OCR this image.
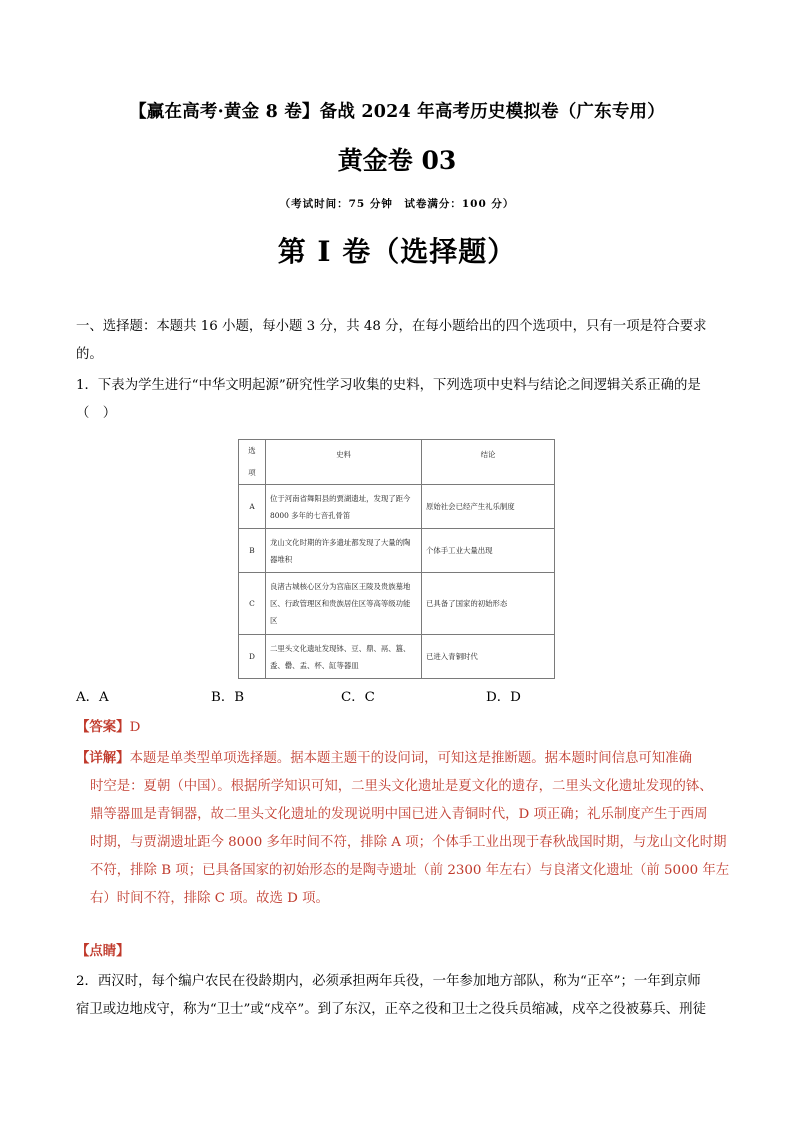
【赢在高考·黄金 8 卷】备战 2024 年高考历史模拟卷（广东专用）
黄金卷 03
（考试时间：75 分钟　试卷满分：100 分）
第 I 卷（选择题）
一、选择题：本题共 16 小题，每小题 3 分，共 48 分，在每小题给出的四个选项中，只有一项是符合要求
的。
1．下表为学生进行“中华文明起源”研究性学习收集的史料，下列选项中史料与结论之间逻辑关系正确的是
（　）
选
项	史料	结论
A	位于河南省舞阳县的贾湖遗址，发现了距今 8000 多年的七音孔骨笛	原始社会已经产生礼乐制度
B	龙山文化时期的许多遗址都发现了大量的陶器堆积	个体手工业大量出现
C	良渚古城核心区分为宫庙区王陵及贵族墓地区、行政管理区和贵族居住区等高等级功能区	已具备了国家的初始形态
D	二里头文化遗址发现钵、豆、鼎、鬲、簋、盉、罍、盂、杯、缸等器皿	已进入青铜时代
A．A	B．B	C．C	D．D
【答案】D
【详解】本题是单类型单项选择题。据本题主题干的设问词，可知这是推断题。据本题时间信息可知准确
时空是：夏朝（中国）。根据所学知识可知，二里头文化遗址是夏文化的遗存，二里头文化遗址发现的钵、
鼎等器皿是青铜器，故二里头文化遗址的发现说明中国已进入青铜时代，D 项正确；礼乐制度产生于西周
时期，与贾湖遗址距今 8000 多年时间不符，排除 A 项；个体手工业出现于春秋战国时期，与龙山文化时期
不符，排除 B 项；已具备国家的初始形态的是陶寺遗址（前 2300 年左右）与良渚文化遗址（前 5000 年左
右）时间不符，排除 C 项。故选 D 项。
【点睛】
2．西汉时，每个编户农民在役龄期内，必须承担两年兵役，一年参加地方部队，称为“正卒”；一年到京师
宿卫或边地戍守，称为“卫士”或“戍卒”。到了东汉，正卒之役和卫士之役兵员缩减，戍卒之役被募兵、刑徒
